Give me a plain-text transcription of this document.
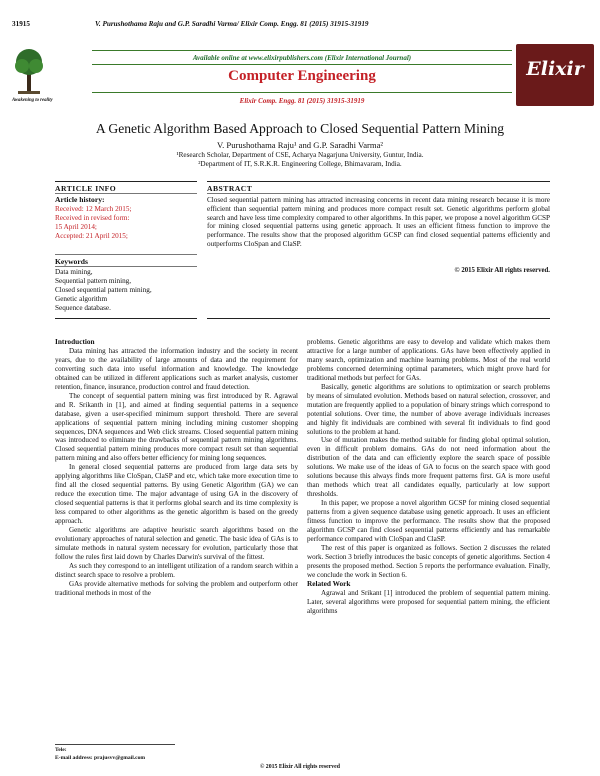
31915	V. Purushothama Raju and G.P. Saradhi Varma/ Elixir Comp. Engg. 81 (2015) 31915-31919
Awakening to reality
Available online at www.elixirpublishers.com (Elixir International Journal)
Computer Engineering
Elixir Comp. Engg. 81 (2015) 31915-31919
Elixir
A Genetic Algorithm Based Approach to Closed Sequential Pattern Mining
V. Purushothama Raju¹ and G.P. Saradhi Varma²
¹Research Scholar, Department of CSE, Acharya Nagarjuna University, Guntur, India.
²Department of IT, S.R.K.R. Engineering College, Bhimavaram, India.
ARTICLE INFO	ABSTRACT
Article history:
Received: 12 March 2015;
Received in revised form:
15 April 2014;
Accepted: 21 April 2015;
Keywords
Data mining,
Sequential pattern mining,
Closed sequential pattern mining,
Genetic algorithm
Sequence database.
Closed sequential pattern mining has attracted increasing concerns in recent data mining research because it is more efficient than sequential pattern mining and produces more compact result set. Genetic algorithms perform global search and have less time complexity compared to other algorithms. In this paper, we propose a novel algorithm GCSP for mining closed sequential patterns using genetic approach. It uses an efficient fitness function to improve the performance. The results show that the proposed algorithm GCSP can find closed sequential patterns efficiently and outperforms CloSpan and ClaSP.
© 2015 Elixir All rights reserved.
Introduction

Data mining has attracted the information industry and the society in recent years, due to the availability of large amounts of data and the requirement for converting such data into useful information and knowledge. The knowledge obtained can be utilized in different applications such as market analysis, customer retention, finance, insurance, production control and fraud detection.

The concept of sequential pattern mining was first introduced by R. Agrawal and R. Srikanth in [1], and aimed at finding sequential patterns in a sequence database, given a user-specified minimum support threshold. There are several applications of sequential pattern mining including mining customer shopping sequences, DNA sequences and Web click streams. Closed sequential pattern mining was introduced to eliminate the drawbacks of sequential pattern mining algorithms. Closed sequential pattern mining produces more compact result set than sequential pattern mining and also offers better efficiency for mining long sequences.

In general closed sequential patterns are produced from large data sets by applying algorithms like CloSpan, ClaSP and etc, which take more execution time to find all the closed sequential patterns. By using Genetic Algorithm (GA) we can reduce the execution time. The major advantage of using GA in the discovery of closed sequential patterns is that it performs global search and its time complexity is less compared to other algorithms as the genetic algorithm is based on the greedy approach.

Genetic algorithms are adaptive heuristic search algorithms based on the evolutionary approaches of natural selection and genetic. The basic idea of GAs is to simulate methods in natural system necessary for evolution, particularly those that follow the rules first laid down by Charles Darwin's survival of the fittest.

As such they correspond to an intelligent utilization of a random search within a distinct search space to resolve a problem.

GAs provide alternative methods for solving the problem and outperform other traditional methods in most of the

problems. Genetic algorithms are easy to develop and validate which makes them attractive for a large number of applications. GAs have been effectively applied in many search, optimization and machine learning problems. Most of the real world problems concerned determining optimal parameters, which might prove hard for traditional methods but perfect for GAs.

Basically, genetic algorithms are solutions to optimization or search problems by means of simulated evolution. Methods based on natural selection, crossover, and mutation are frequently applied to a population of binary strings which correspond to potential solutions. Over time, the number of above average individuals increases and highly fit individuals are combined with several fit individuals to find good solutions to the problem at hand.

Use of mutation makes the method suitable for finding global optimal solution, even in difficult problem domains. GAs do not need information about the distribution of the data and can efficiently explore the search space of possible solutions. We make use of the ideas of GA to focus on the search space with good solutions because this always finds more frequent patterns first. GA is more useful than methods which treat all candidates equally, particularly at low support thresholds.

In this paper, we propose a novel algorithm GCSP for mining closed sequential patterns from a given sequence database using genetic approach. It uses an efficient fitness function to improve the performance. The results show that the proposed algorithm GCSP can find closed sequential patterns efficiently and has remarkable performance compared with CloSpan and ClaSP.

The rest of this paper is organized as follows. Section 2 discusses the related work. Section 3 briefly introduces the basic concepts of genetic algorithms. Section 4 presents the proposed method. Section 5 reports the performance evaluation. Finally, we conclude the work in Section 6.

Related Work

Agrawal and Srikant [1] introduced the problem of sequential pattern mining. Later, several algorithms were proposed for sequential pattern mining, the efficient algorithms

Tele:
E-mail address: prajusvv@gmail.com
© 2015 Elixir All rights reserved
